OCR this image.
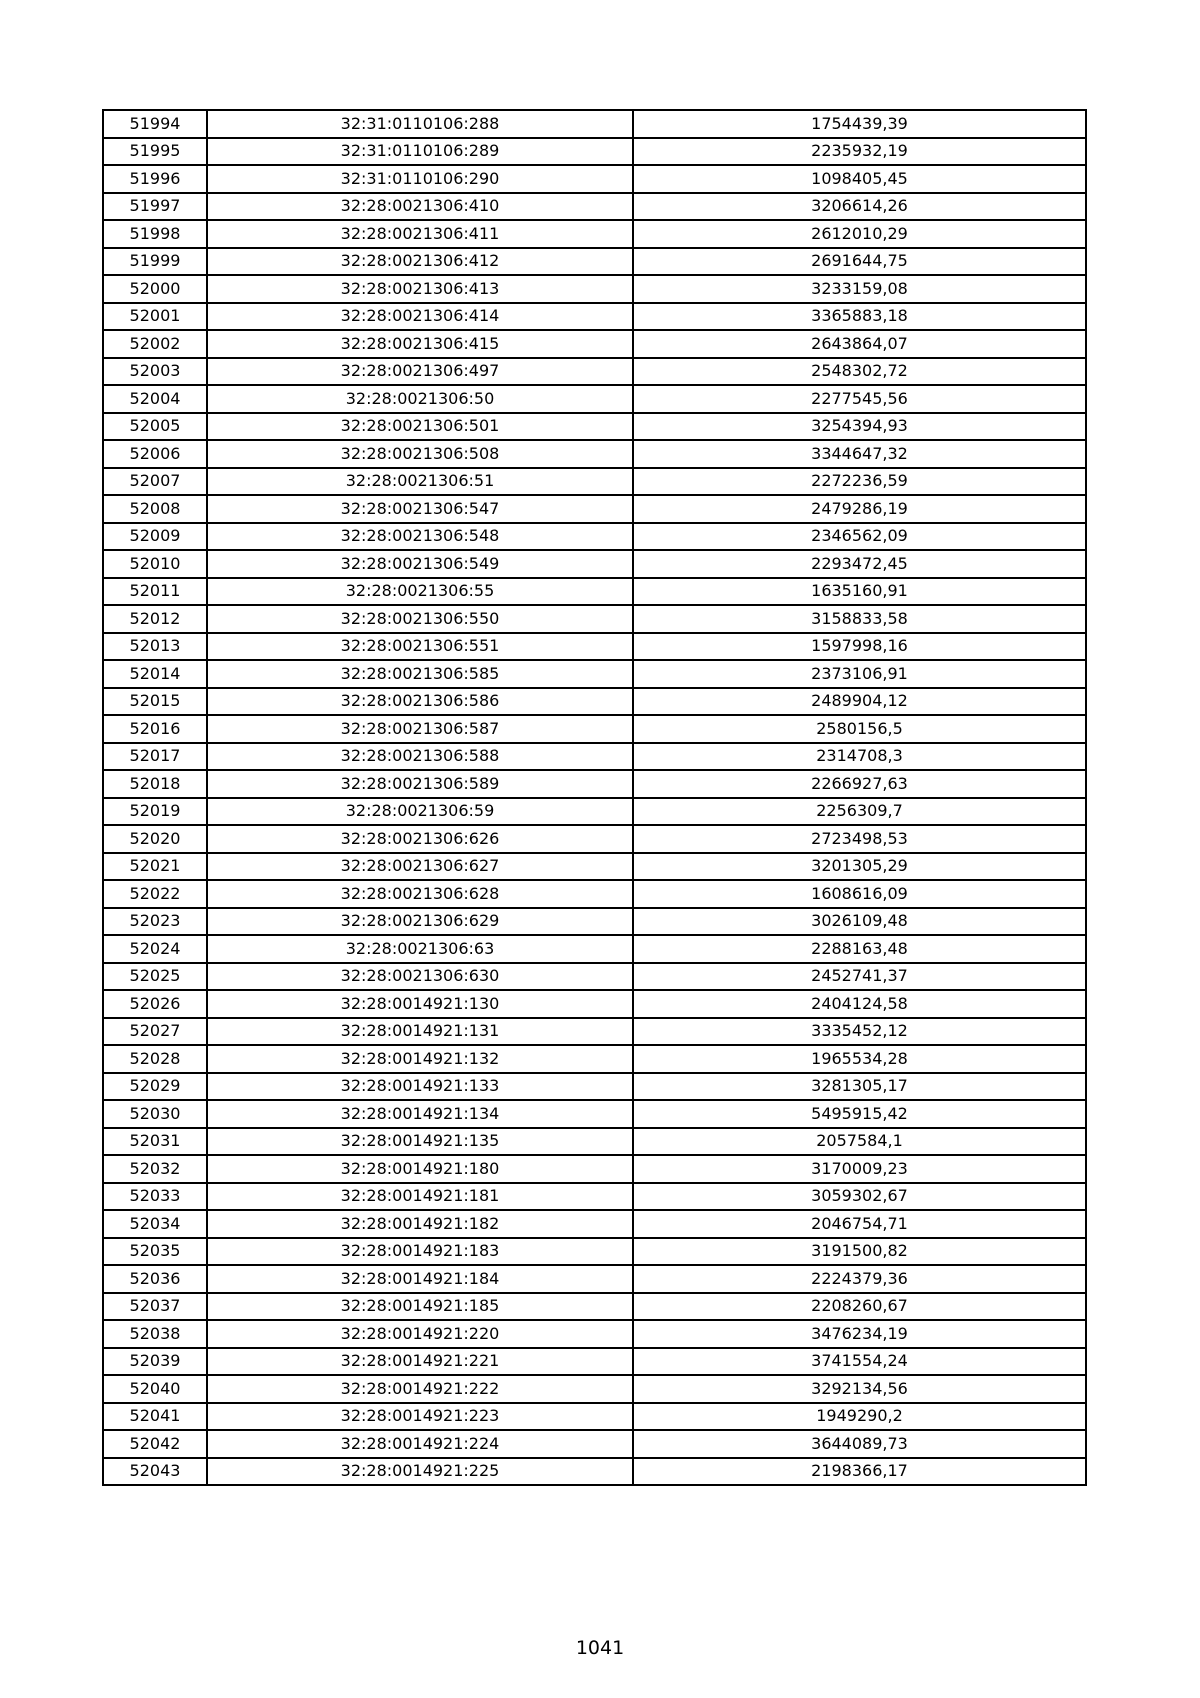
51994	32:31:0110106:288	1754439,39
51995	32:31:0110106:289	2235932,19
51996	32:31:0110106:290	1098405,45
51997	32:28:0021306:410	3206614,26
51998	32:28:0021306:411	2612010,29
51999	32:28:0021306:412	2691644,75
52000	32:28:0021306:413	3233159,08
52001	32:28:0021306:414	3365883,18
52002	32:28:0021306:415	2643864,07
52003	32:28:0021306:497	2548302,72
52004	32:28:0021306:50	2277545,56
52005	32:28:0021306:501	3254394,93
52006	32:28:0021306:508	3344647,32
52007	32:28:0021306:51	2272236,59
52008	32:28:0021306:547	2479286,19
52009	32:28:0021306:548	2346562,09
52010	32:28:0021306:549	2293472,45
52011	32:28:0021306:55	1635160,91
52012	32:28:0021306:550	3158833,58
52013	32:28:0021306:551	1597998,16
52014	32:28:0021306:585	2373106,91
52015	32:28:0021306:586	2489904,12
52016	32:28:0021306:587	2580156,5
52017	32:28:0021306:588	2314708,3
52018	32:28:0021306:589	2266927,63
52019	32:28:0021306:59	2256309,7
52020	32:28:0021306:626	2723498,53
52021	32:28:0021306:627	3201305,29
52022	32:28:0021306:628	1608616,09
52023	32:28:0021306:629	3026109,48
52024	32:28:0021306:63	2288163,48
52025	32:28:0021306:630	2452741,37
52026	32:28:0014921:130	2404124,58
52027	32:28:0014921:131	3335452,12
52028	32:28:0014921:132	1965534,28
52029	32:28:0014921:133	3281305,17
52030	32:28:0014921:134	5495915,42
52031	32:28:0014921:135	2057584,1
52032	32:28:0014921:180	3170009,23
52033	32:28:0014921:181	3059302,67
52034	32:28:0014921:182	2046754,71
52035	32:28:0014921:183	3191500,82
52036	32:28:0014921:184	2224379,36
52037	32:28:0014921:185	2208260,67
52038	32:28:0014921:220	3476234,19
52039	32:28:0014921:221	3741554,24
52040	32:28:0014921:222	3292134,56
52041	32:28:0014921:223	1949290,2
52042	32:28:0014921:224	3644089,73
52043	32:28:0014921:225	2198366,17
1041
